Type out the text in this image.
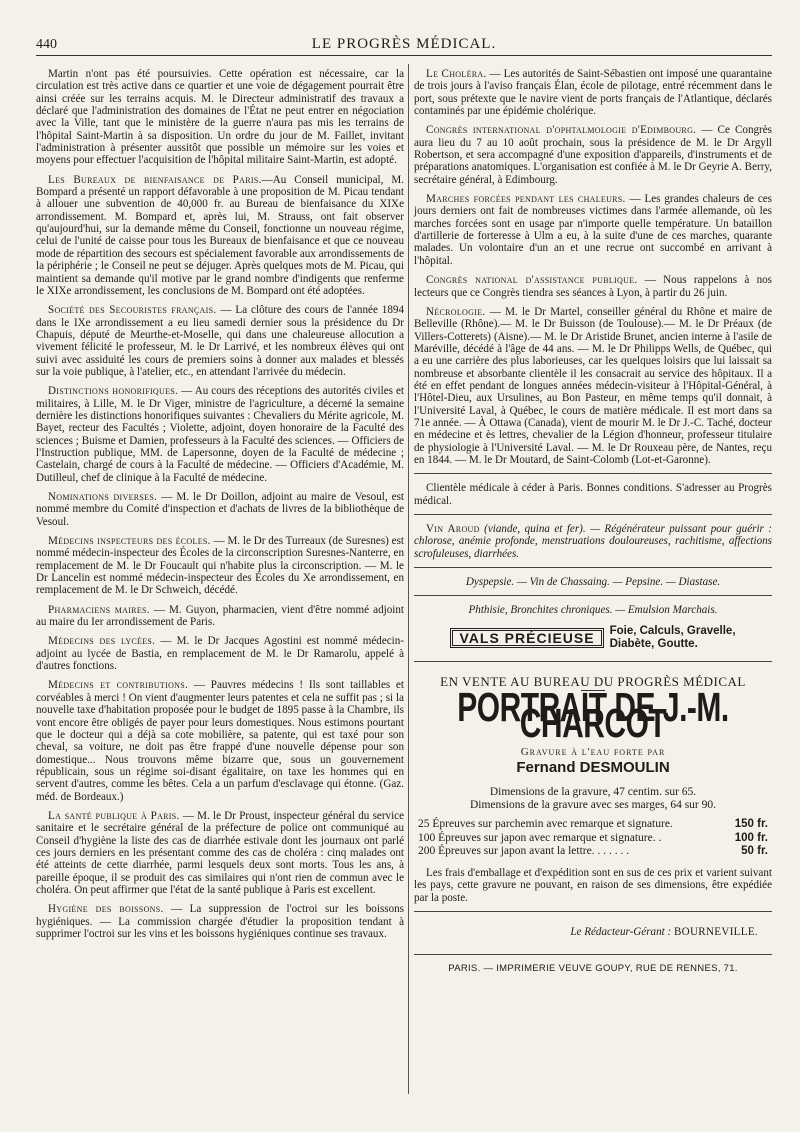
440	LE PROGRÈS MÉDICAL.

Martin n'ont pas été poursuivies. Cette opération est nécessaire, car la circulation est très active dans ce quartier et une voie de dégagement pourrait être ainsi créée sur les terrains acquis. M. le Directeur administratif des travaux a déclaré que l'administration des domaines de l'État ne peut entrer en négociation avec la Ville, tant que le ministère de la guerre n'aura pas mis les terrains de l'hôpital Saint-Martin à sa disposition. Un ordre du jour de M. Faillet, invitant l'administration à présenter aussitôt que possible un mémoire sur les voies et moyens pour effectuer l'acquisition de l'hôpital militaire Saint-Martin, est adopté.

Les Bureaux de bienfaisance de Paris.—Au Conseil municipal, M. Bompard a présenté un rapport défavorable à une proposition de M. Picau tendant à allouer une subvention de 40,000 fr. au Bureau de bienfaisance du XIXe arrondissement. M. Bompard et, après lui, M. Strauss, ont fait observer qu'aujourd'hui, sur la demande même du Conseil, fonctionne un nouveau régime, celui de l'unité de caisse pour tous les Bureaux de bienfaisance et que ce nouveau mode de répartition des secours est spécialement favorable aux arrondissements de la périphérie ; le Conseil ne peut se déjuger. Après quelques mots de M. Picau, qui maintient sa demande qu'il motive par le grand nombre d'indigents que renferme le XIXe arrondissement, les conclusions de M. Bompard ont été adoptées.

Société des Secouristes français. — La clôture des cours de l'année 1894 dans le IXe arrondissement a eu lieu samedi dernier sous la présidence du Dr Chapuis, député de Meurthe-et-Moselle, qui dans une chaleureuse allocution a vivement félicité le professeur, M. le Dr Larrivé, et les nombreux élèves qui ont suivi avec assiduité les cours de premiers soins à donner aux malades et blessés sur la voie publique, à l'atelier, etc., en attendant l'arrivée du médecin.

Distinctions honorifiques. — Au cours des réceptions des autorités civiles et militaires, à Lille, M. le Dr Viger, ministre de l'agriculture, a décerné la semaine dernière les distinctions honorifiques suivantes : Chevaliers du Mérite agricole, M. Bayet, recteur des Facultés ; Violette, adjoint, doyen honoraire de la Faculté des sciences ; Buisme et Damien, professeurs à la Faculté des sciences. — Officiers de l'Instruction publique, MM. de Lapersonne, doyen de la Faculté de médecine ; Castelain, chargé de cours à la Faculté de médecine. — Officiers d'Académie, M. Dutilleul, chef de clinique à la Faculté de médecine.

Nominations diverses. — M. le Dr Doillon, adjoint au maire de Vesoul, est nommé membre du Comité d'inspection et d'achats de livres de la bibliothèque de Vesoul.

Médecins inspecteurs des écoles. — M. le Dr des Turreaux (de Suresnes) est nommé médecin-inspecteur des Écoles de la circonscription Suresnes-Nanterre, en remplacement de M. le Dr Foucault qui n'habite plus la circonscription. — M. le Dr Lancelin est nommé médecin-inspecteur des Écoles du Xe arrondissement, en remplacement de M. le Dr Schweich, décédé.

Pharmaciens maires. — M. Guyon, pharmacien, vient d'être nommé adjoint au maire du Ier arrondissement de Paris.

Médecins des lycées. — M. le Dr Jacques Agostini est nommé médecin-adjoint au lycée de Bastia, en remplacement de M. le Dr Ramarolu, appelé à d'autres fonctions.

Médecins et contributions. — Pauvres médecins ! Ils sont taillables et corvéables à merci ! On vient d'augmenter leurs patentes et cela ne suffit pas ; si la nouvelle taxe d'habitation proposée pour le budget de 1895 passe à la Chambre, ils vont encore être obligés de payer pour leurs domestiques. Nous estimons pourtant que le docteur qui a déjà sa cote mobilière, sa patente, qui est taxé pour son cheval, sa voiture, ne doit pas être frappé d'une nouvelle dépense pour son domestique... Nous trouvons même bizarre que, sous un gouvernement républicain, sous un régime soi-disant égalitaire, on taxe les hommes qui en servent d'autres, comme les bêtes. Cela a un parfum d'esclavage qui étonne. (Gaz. méd. de Bordeaux.)

La santé publique à Paris. — M. le Dr Proust, inspecteur général du service sanitaire et le secrétaire général de la préfecture de police ont communiqué au Conseil d'hygiène la liste des cas de diarrhée estivale dont les journaux ont parlé ces jours derniers en les présentant comme des cas de choléra : cinq malades ont été atteints de cette diarrhée, parmi lesquels deux sont morts. Tous les ans, à pareille époque, il se produit des cas similaires qui n'ont rien de commun avec le choléra. On peut affirmer que l'état de la santé publique à Paris est excellent.

Hygiène des boissons. — La suppression de l'octroi sur les boissons hygiéniques. — La commission chargée d'étudier la proposition tendant à supprimer l'octroi sur les vins et les boissons hygiéniques continue ses travaux.

Le Choléra. — Les autorités de Saint-Sébastien ont imposé une quarantaine de trois jours à l'aviso français Élan, école de pilotage, entré récemment dans le port, sous prétexte que le navire vient de ports français de l'Atlantique, déclarés contaminés par une épidémie cholérique.

Congrès international d'ophtalmologie d'Edimbourg. — Ce Congrès aura lieu du 7 au 10 août prochain, sous la présidence de M. le Dr Argyll Robertson, et sera accompagné d'une exposition d'appareils, d'instruments et de préparations anatomiques. L'organisation est confiée à M. le Dr Geyrie A. Berry, secrétaire général, à Edimbourg.

Marches forcées pendant les chaleurs. — Les grandes chaleurs de ces jours derniers ont fait de nombreuses victimes dans l'armée allemande, où les marches forcées sont en usage par n'importe quelle température. Un bataillon d'artillerie de forteresse à Ulm a eu, à la suite d'une de ces marches, quarante malades. Un volontaire d'un an et une recrue ont succombé en arrivant à l'hôpital.

Congrès national d'assistance publique. — Nous rappelons à nos lecteurs que ce Congrès tiendra ses séances à Lyon, à partir du 26 juin.

Nécrologie. — M. le Dr Martel, conseiller général du Rhône et maire de Belleville (Rhône).— M. le Dr Buisson (de Toulouse).— M. le Dr Préaux (de Villers-Cotterets) (Aisne).— M. le Dr Aristide Brunet, ancien interne à l'asile de Maréville, décédé à l'âge de 44 ans. — M. le Dr Philipps Wells, de Québec, qui a eu une carrière des plus laborieuses, car les quelques loisirs que lui laissait sa nombreuse et absorbante clientèle il les consacrait au service des hôpitaux. Il a été en effet pendant de longues années médecin-visiteur à l'Hôpital-Général, à l'Hôtel-Dieu, aux Ursulines, au Bon Pasteur, en même temps qu'il donnait, à l'Université Laval, à Québec, le cours de matière médicale. Il est mort dans sa 71e année. — À Ottawa (Canada), vient de mourir M. le Dr J.-C. Taché, docteur en médecine et ès lettres, chevalier de la Légion d'honneur, professeur titulaire de physiologie à l'Université Laval. — M. le Dr Rouxeau père, de Nantes, reçu en 1844. — M. le Dr Moutard, de Saint-Colomb (Lot-et-Garonne).

Clientèle médicale à céder à Paris. Bonnes conditions. S'adresser au Progrès médical.

Vin Aroud (viande, quina et fer). — Régénérateur puissant pour guérir : chlorose, anémie profonde, menstruations douloureuses, rachitisme, affections scrofuleuses, diarrhées.

Dyspepsie. — Vin de Chassaing. — Pepsine. — Diastase.

Phthisie, Bronchites chroniques. — Emulsion Marchais.

VALS PRÉCIEUSE	Foie, Calculs, Gravelle,
Diabète, Goutte.
EN VENTE AU BUREAU DU PROGRÈS MÉDICAL
PORTRAIT DE J.-M. CHARCOT
Gravure à l'eau forte par
Fernand DESMOULIN
Dimensions de la gravure, 47 centim. sur 65.
Dimensions de la gravure avec ses marges, 64 sur 90.
25 Épreuves sur parchemin avec remarque et signature.	150 fr.
100 Épreuves sur japon avec remarque et signature. .	100 fr.
200 Épreuves sur japon avant la lettre. . . . . . .	50 fr.

Les frais d'emballage et d'expédition sont en sus de ces prix et varient suivant les pays, cette gravure ne pouvant, en raison de ses dimensions, être expédiée par la poste.

Le Rédacteur-Gérant : BOURNEVILLE.
PARIS. — IMPRIMERIE VEUVE GOUPY, RUE DE RENNES, 71.
